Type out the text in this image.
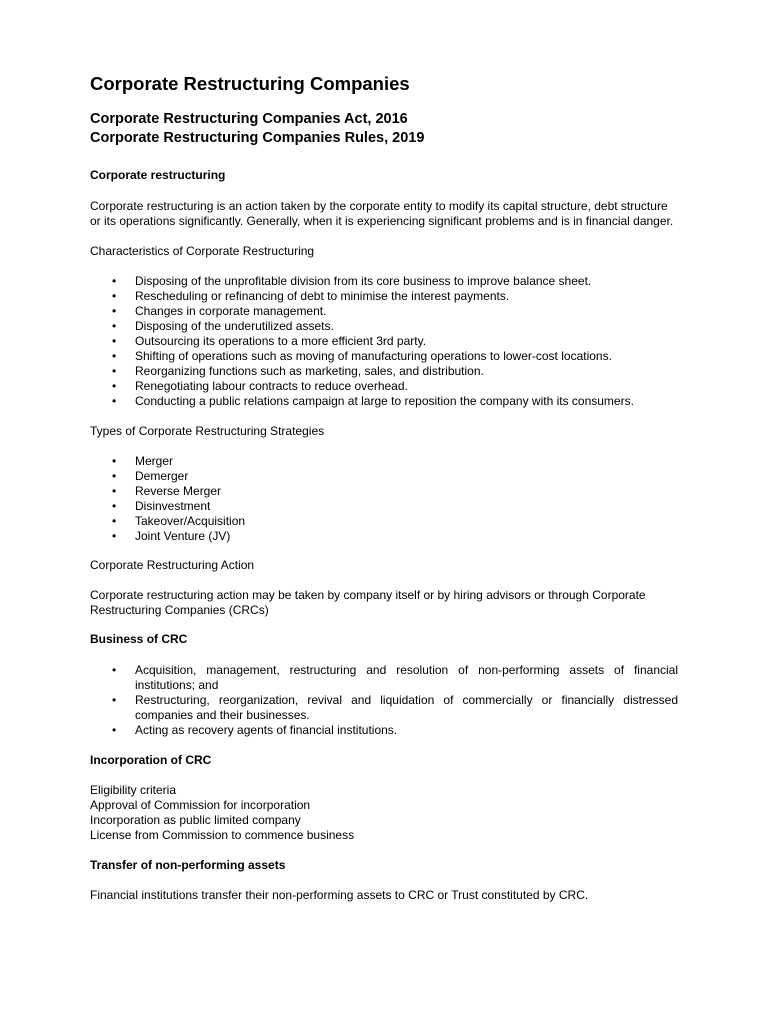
Corporate Restructuring Companies
Corporate Restructuring Companies Act, 2016
Corporate Restructuring Companies Rules, 2019
Corporate restructuring

Corporate restructuring is an action taken by the corporate entity to modify its capital structure, debt structure or its operations significantly. Generally, when it is experiencing significant problems and is in financial danger.

Characteristics of Corporate Restructuring

• Disposing of the unprofitable division from its core business to improve balance sheet.
• Rescheduling or refinancing of debt to minimise the interest payments.
• Changes in corporate management.
• Disposing of the underutilized assets.
• Outsourcing its operations to a more efficient 3rd party.
• Shifting of operations such as moving of manufacturing operations to lower-cost locations.
• Reorganizing functions such as marketing, sales, and distribution.
• Renegotiating labour contracts to reduce overhead.
• Conducting a public relations campaign at large to reposition the company with its consumers.

Types of Corporate Restructuring Strategies

• Merger
• Demerger
• Reverse Merger
• Disinvestment
• Takeover/Acquisition
• Joint Venture (JV)

Corporate Restructuring Action

Corporate restructuring action may be taken by company itself or by hiring advisors or through Corporate Restructuring Companies (CRCs)

Business of CRC
• Acquisition, management, restructuring and resolution of non-performing assets of financial institutions; and
• Restructuring, reorganization, revival and liquidation of commercially or financially distressed companies and their businesses.
• Acting as recovery agents of financial institutions.
Incorporation of CRC

Eligibility criteria

Approval of Commission for incorporation

Incorporation as public limited company

License from Commission to commence business

Transfer of non-performing assets

Financial institutions transfer their non-performing assets to CRC or Trust constituted by CRC.
